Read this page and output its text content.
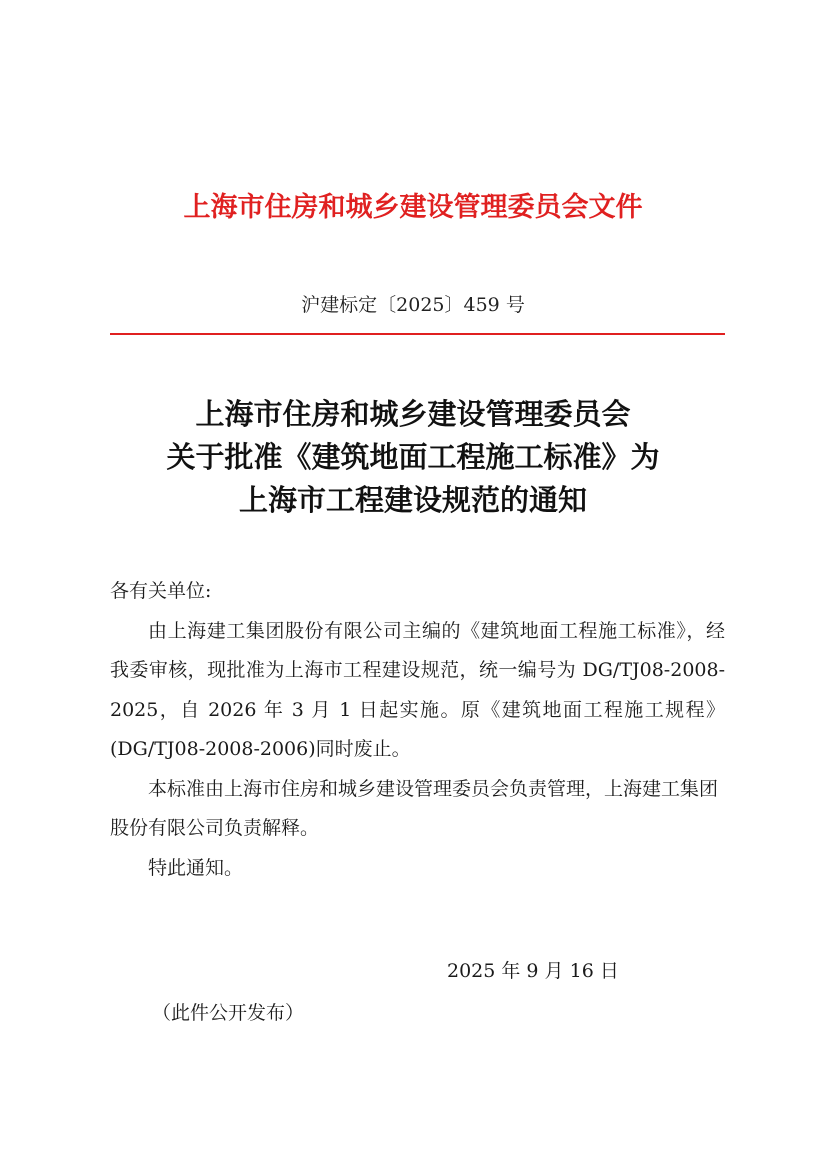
上海市住房和城乡建设管理委员会文件
沪建标定〔2025〕459 号
上海市住房和城乡建设管理委员会
关于批准《建筑地面工程施工标准》为
上海市工程建设规范的通知

各有关单位:

由上海建工集团股份有限公司主编的《建筑地面工程施工标准》，经我委审核，现批准为上海市工程建设规范，统一编号为 DG/TJ08-2008-2025，自 2026 年 3 月 1 日起实施。原《建筑地面工程施工规程》(DG/TJ08-2008-2006)同时废止。

本标准由上海市住房和城乡建设管理委员会负责管理，上海建工集团股份有限公司负责解释。

特此通知。

2025 年 9 月 16 日
（此件公开发布）
